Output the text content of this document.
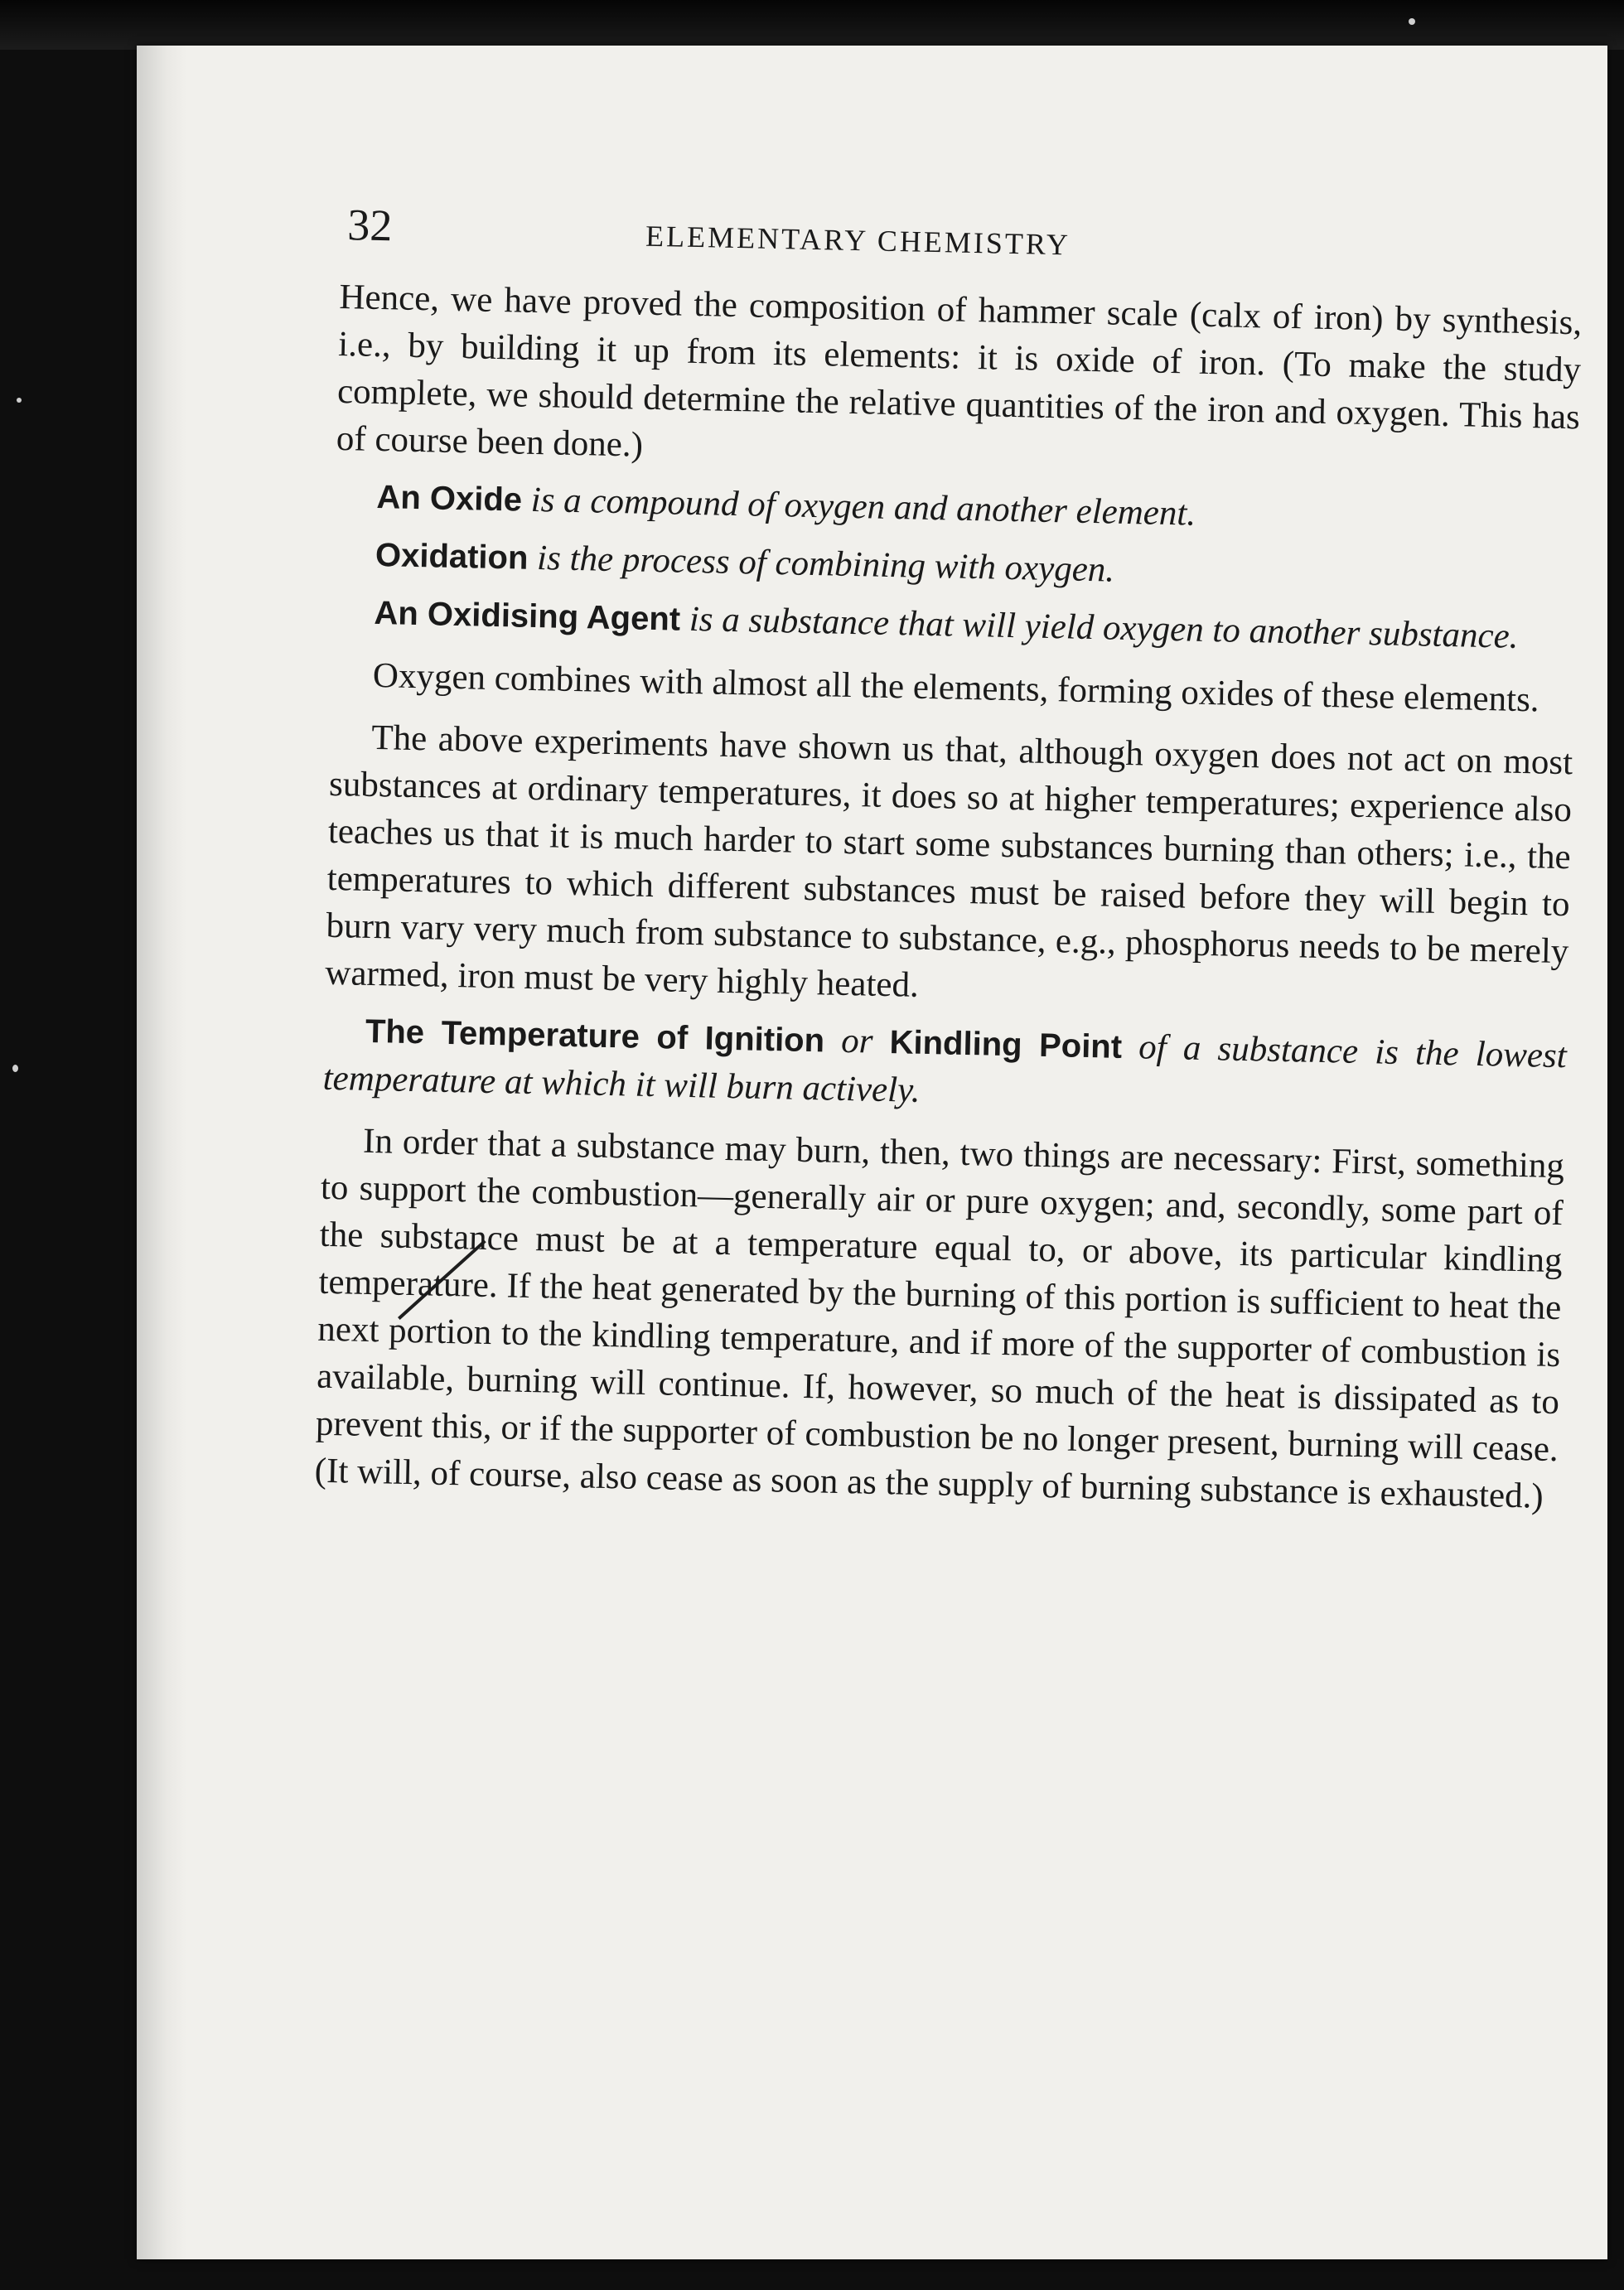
32	ELEMENTARY CHEMISTRY

Hence, we have proved the composition of hammer scale (calx of iron) by synthesis, i.e., by building it up from its elements: it is oxide of iron. (To make the study complete, we should determine the relative quantities of the iron and oxygen. This has of course been done.)

An Oxide is a compound of oxygen and another element.

Oxidation is the process of combining with oxygen.

An Oxidising Agent is a substance that will yield oxygen to another substance.

Oxygen combines with almost all the elements, forming oxides of these elements.

The above experiments have shown us that, although oxygen does not act on most substances at ordinary temperatures, it does so at higher temperatures; experience also teaches us that it is much harder to start some substances burning than others; i.e., the temperatures to which different substances must be raised before they will begin to burn vary very much from substance to substance, e.g., phosphorus needs to be merely warmed, iron must be very highly heated.

The Temperature of Ignition or Kindling Point of a substance is the lowest temperature at which it will burn actively.

In order that a substance may burn, then, two things are necessary: First, something to support the combustion—generally air or pure oxygen; and, secondly, some part of the substance must be at a temperature equal to, or above, its particular kindling temperature. If the heat generated by the burning of this portion is sufficient to heat the next portion to the kindling temperature, and if more of the supporter of combustion is available, burning will continue. If, however, so much of the heat is dissipated as to prevent this, or if the supporter of combustion be no longer present, burning will cease. (It will, of course, also cease as soon as the supply of burning substance is exhausted.)
